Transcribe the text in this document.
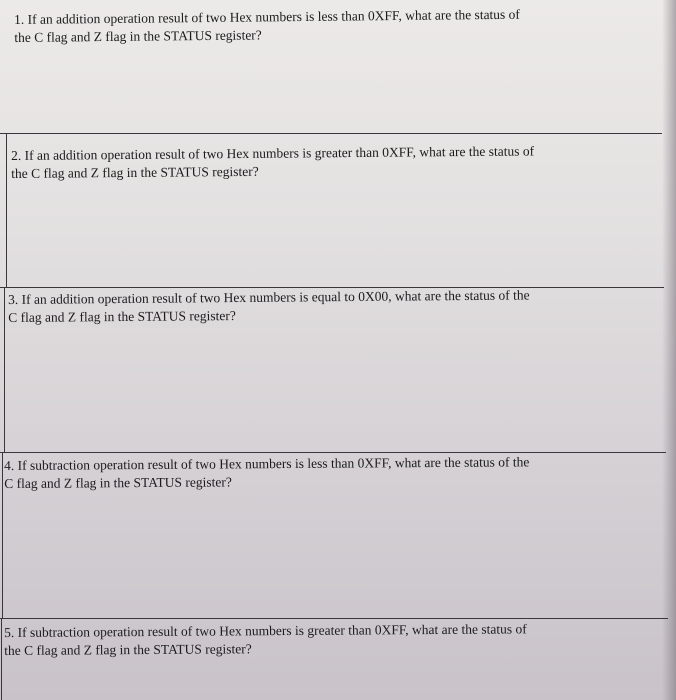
1. If an addition operation result of two Hex numbers is less than 0XFF, what are the status of
the C flag and Z flag in the STATUS register?
2. If an addition operation result of two Hex numbers is greater than 0XFF, what are the status of
the C flag and Z flag in the STATUS register?
3. If an addition operation result of two Hex numbers is equal to 0X00, what are the status of the
C flag and Z flag in the STATUS register?
4. If subtraction operation result of two Hex numbers is less than 0XFF, what are the status of the
C flag and Z flag in the STATUS register?
5. If subtraction operation result of two Hex numbers is greater than 0XFF, what are the status of
the C flag and Z flag in the STATUS register?
